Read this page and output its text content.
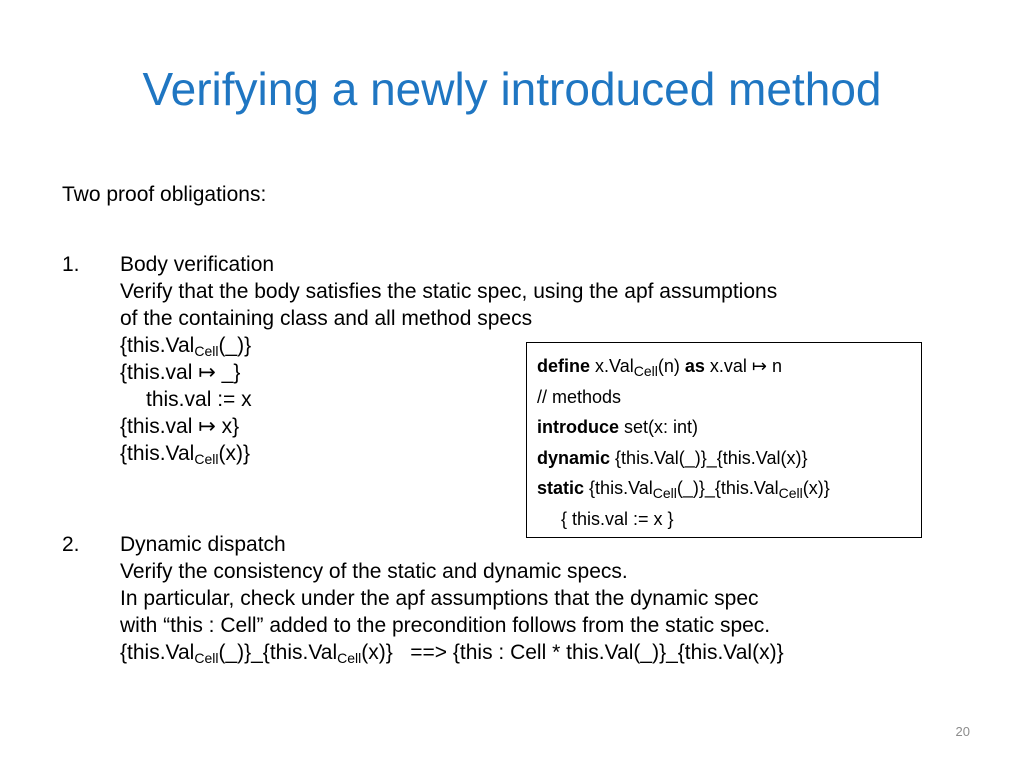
Verifying a newly introduced method
Two proof obligations:
1. Body verification
Verify that the body satisfies the static spec, using the apf assumptions
of the containing class and all method specs
{this.Val$_{Cell}$(_)}
{this.val ↦ _}
this.val := x
{this.val ↦ x}
{this.Val$_{Cell}$(x)}
define x.Val$_{Cell}$(n) as x.val ↦ n
// methods
introduce set(x: int)
dynamic {this.Val(_)}_{this.Val(x)}
static {this.Val$_{Cell}$(_)}_{this.Val$_{Cell}$(x)}
{ this.val := x }
2. Dynamic dispatch
Verify the consistency of the static and dynamic specs.
In particular, check under the apf assumptions that the dynamic spec
with “this : Cell” added to the precondition follows from the static spec.
{this.Val$_{Cell}$(_)}_{this.Val$_{Cell}$(x)}   ==> {this : Cell * this.Val(_)}_{this.Val(x)}
20
